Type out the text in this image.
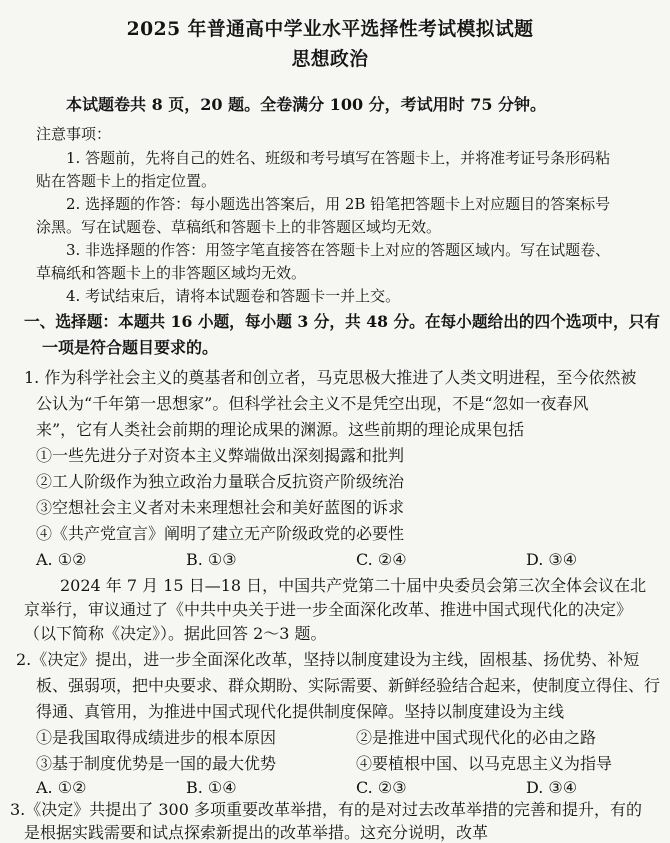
2025 年普通高中学业水平选择性考试模拟试题
思想政治
本试题卷共 8 页，20 题。全卷满分 100 分，考试用时 75 分钟。
注意事项：
1. 答题前，先将自己的姓名、班级和考号填写在答题卡上，并将准考证号条形码粘
贴在答题卡上的指定位置。
2. 选择题的作答：每小题选出答案后，用 2B 铅笔把答题卡上对应题目的答案标号
涂黑。写在试题卷、草稿纸和答题卡上的非答题区域均无效。
3. 非选择题的作答：用签字笔直接答在答题卡上对应的答题区域内。写在试题卷、
草稿纸和答题卡上的非答题区域均无效。
4. 考试结束后，请将本试题卷和答题卡一并上交。
一、选择题：本题共 16 小题，每小题 3 分，共 48 分。在每小题给出的四个选项中，只有
一项是符合题目要求的。
1. 作为科学社会主义的奠基者和创立者，马克思极大推进了人类文明进程，至今依然被
公认为“千年第一思想家”。但科学社会主义不是凭空出现，不是“忽如一夜春风
来”，它有人类社会前期的理论成果的渊源。这些前期的理论成果包括
①一些先进分子对资本主义弊端做出深刻揭露和批判
②工人阶级作为独立政治力量联合反抗资产阶级统治
③空想社会主义者对未来理想社会和美好蓝图的诉求
④《共产党宣言》阐明了建立无产阶级政党的必要性
A. ①②	B. ①③	C. ②④	D. ③④
2024 年 7 月 15 日—18 日，中国共产党第二十届中央委员会第三次全体会议在北
京举行，审议通过了《中共中央关于进一步全面深化改革、推进中国式现代化的决定》
（以下简称《决定》）。据此回答 2～3 题。
2.《决定》提出，进一步全面深化改革，坚持以制度建设为主线，固根基、扬优势、补短
板、强弱项，把中央要求、群众期盼、实际需要、新鲜经验结合起来，使制度立得住、行
得通、真管用，为推进中国式现代化提供制度保障。坚持以制度建设为主线
①是我国取得成绩进步的根本原因	②是推进中国式现代化的必由之路
③基于制度优势是一国的最大优势	④要植根中国、以马克思主义为指导
A. ①②	B. ①④	C. ②③	D. ③④
3.《决定》共提出了 300 多项重要改革举措，有的是对过去改革举措的完善和提升，有的
是根据实践需要和试点探索新提出的改革举措。这充分说明，改革
